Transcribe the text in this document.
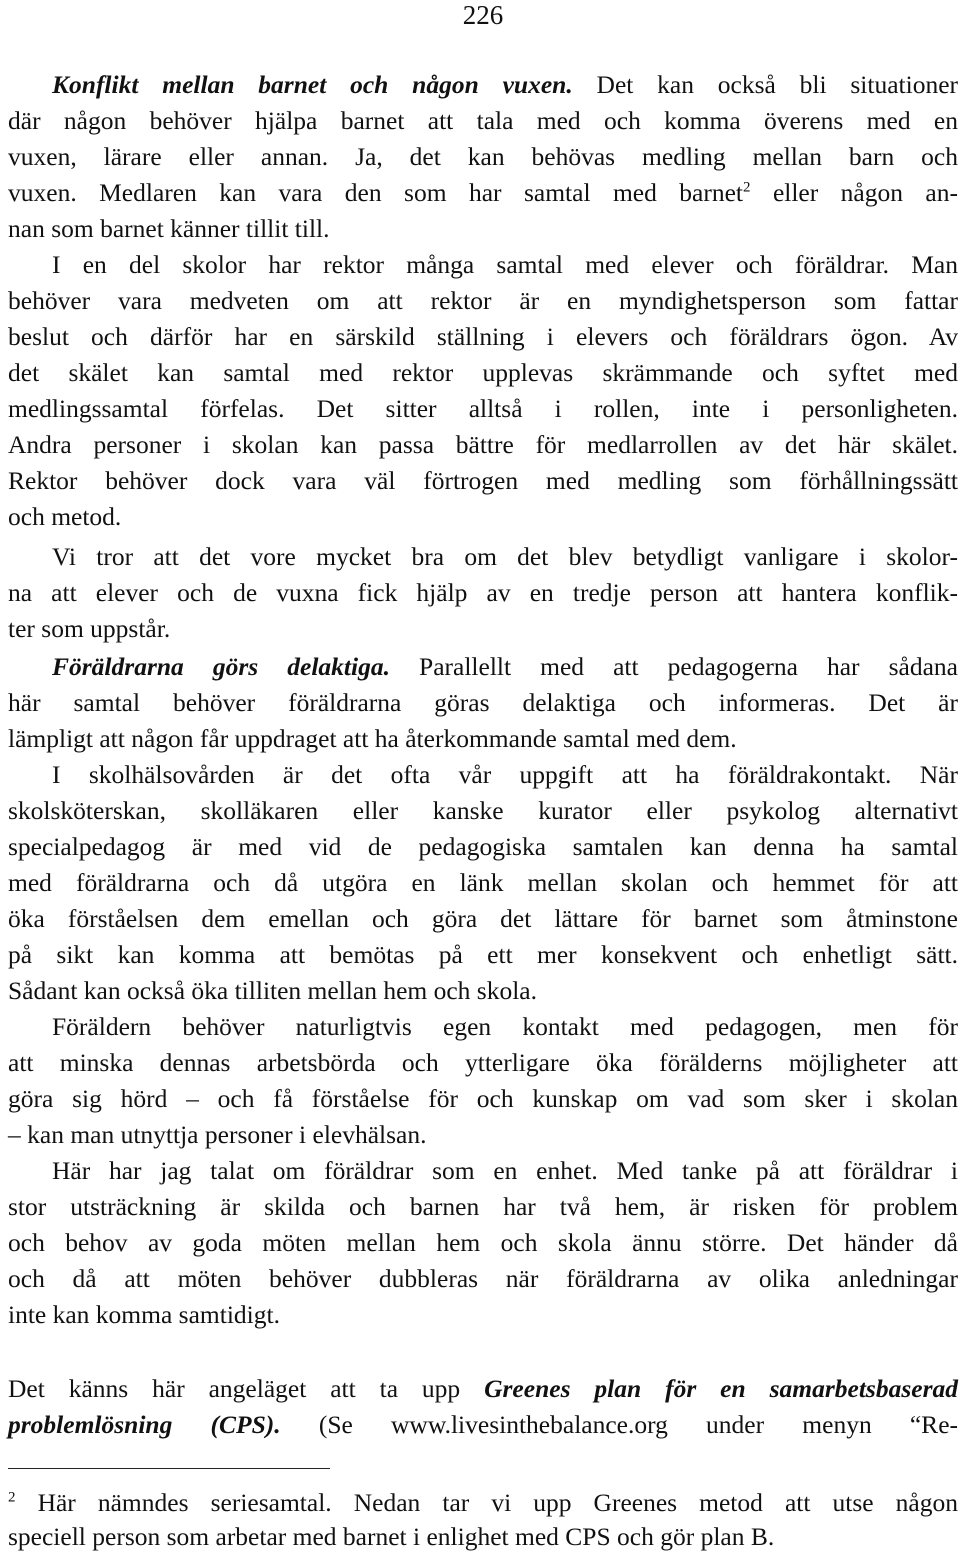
226
Konflikt mellan barnet och någon vuxen. Det kan också bli situationer
där någon behöver hjälpa barnet att tala med och komma överens med en
vuxen, lärare eller annan. Ja, det kan behövas medling mellan barn och
vuxen. Medlaren kan vara den som har samtal med barnet$^2$ eller någon an-
nan som barnet känner tillit till.
I en del skolor har rektor många samtal med elever och föräldrar. Man
behöver vara medveten om att rektor är en myndighetsperson som fattar
beslut och därför har en särskild ställning i elevers och föräldrars ögon. Av
det skälet kan samtal med rektor upplevas skrämmande och syftet med
medlingssamtal förfelas. Det sitter alltså i rollen, inte i personligheten.
Andra personer i skolan kan passa bättre för medlarrollen av det här skälet.
Rektor behöver dock vara väl förtrogen med medling som förhållningssätt
och metod.
Vi tror att det vore mycket bra om det blev betydligt vanligare i skolor-
na att elever och de vuxna fick hjälp av en tredje person att hantera konflik-
ter som uppstår.
Föräldrarna görs delaktiga. Parallellt med att pedagogerna har sådana
här samtal behöver föräldrarna göras delaktiga och informeras. Det är
lämpligt att någon får uppdraget att ha återkommande samtal med dem.
I skolhälsovården är det ofta vår uppgift att ha föräldrakontakt. När
skolsköterskan, skolläkaren eller kanske kurator eller psykolog alternativt
specialpedagog är med vid de pedagogiska samtalen kan denna ha samtal
med föräldrarna och då utgöra en länk mellan skolan och hemmet för att
öka förståelsen dem emellan och göra det lättare för barnet som åtminstone
på sikt kan komma att bemötas på ett mer konsekvent och enhetligt sätt.
Sådant kan också öka tilliten mellan hem och skola.
Föräldern behöver naturligtvis egen kontakt med pedagogen, men för
att minska dennas arbetsbörda och ytterligare öka förälderns möjligheter att
göra sig hörd – och få förståelse för och kunskap om vad som sker i skolan
– kan man utnyttja personer i elevhälsan.
Här har jag talat om föräldrar som en enhet. Med tanke på att föräldrar i
stor utsträckning är skilda och barnen har två hem, är risken för problem
och behov av goda möten mellan hem och skola ännu större. Det händer då
och då att möten behöver dubbleras när föräldrarna av olika anledningar
inte kan komma samtidigt.
Det känns här angeläget att ta upp Greenes plan för en samarbetsbaserad
problemlösning (CPS). (Se www.livesinthebalance.org under menyn “Re-
$^2$ Här nämndes seriesamtal. Nedan tar vi upp Greenes metod att utse någon
speciell person som arbetar med barnet i enlighet med CPS och gör plan B.
